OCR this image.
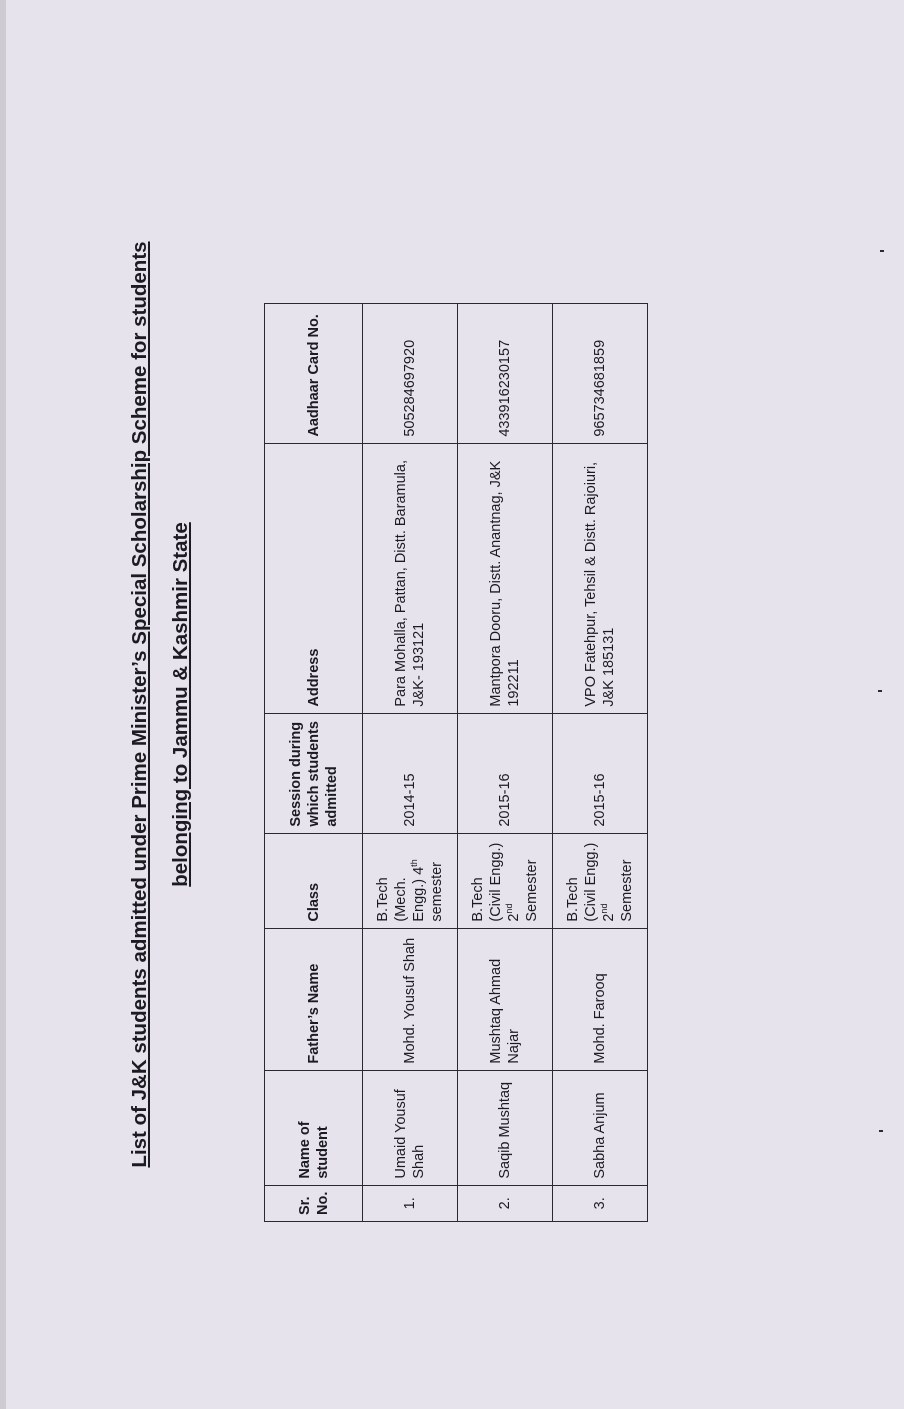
List of J&K students admitted under Prime Minister’s Special Scholarship Scheme for students belonging to Jammu & Kashmir State
Sr. No.	Name of student	Father’s Name	Class	Session during which students admitted	Address	Aadhaar Card No.
1.	Umaid Yousuf Shah	Mohd. Yousuf Shah	B.Tech (Mech. Engg.) 4th semester	2014-15	Para Mohalla, Pattan, Distt. Baramula, J&K- 193121	505284697920
2.	Saqib Mushtaq	Mushtaq Ahmad Najar	B.Tech (Civil Engg.) 2nd Semester	2015-16	Mantpora Dooru, Distt. Anantnag, J&K 192211	433916230157
3.	Sabha Anjum	Mohd. Farooq	B.Tech (Civil Engg.) 2nd Semester	2015-16	VPO Fatehpur, Tehsil & Distt. Rajoiuri, J&K 185131	965734681859
